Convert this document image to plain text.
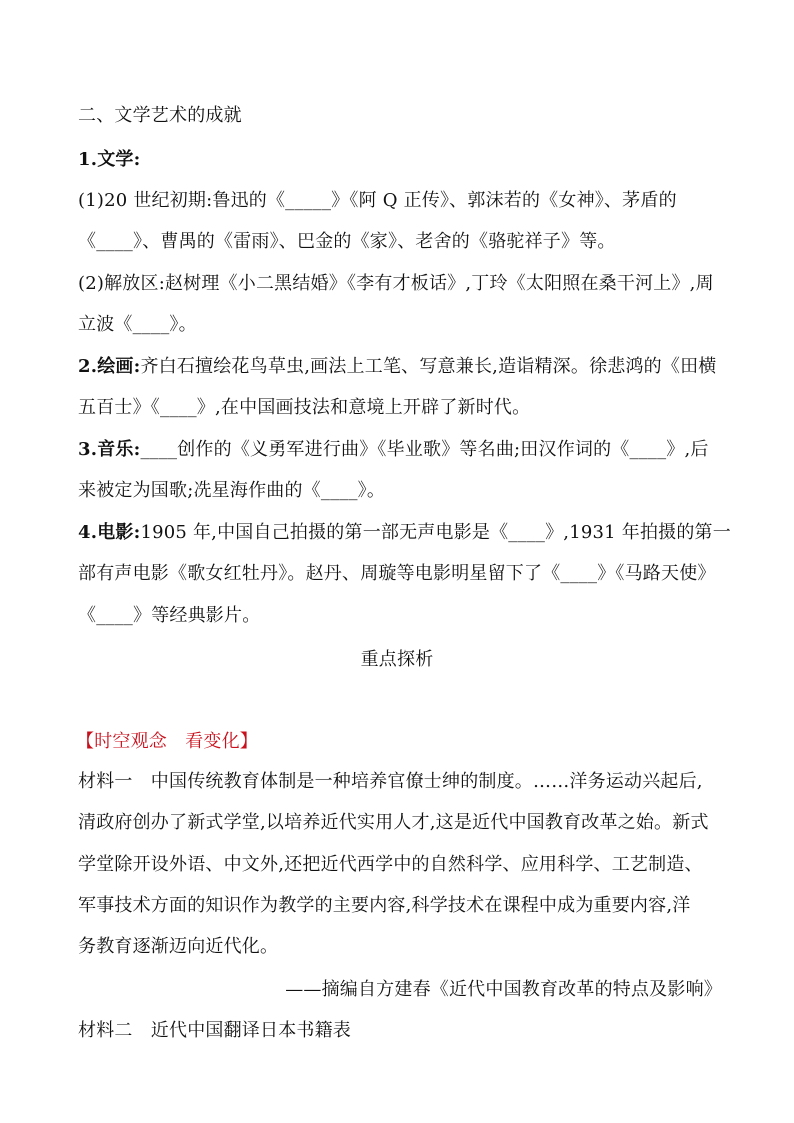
二、文学艺术的成就
1.文学:
(1)20 世纪初期:鲁迅的《_____》《阿 Q 正传》、郭沫若的《女神》、茅盾的
《____》、曹禺的《雷雨》、巴金的《家》、老舍的《骆驼祥子》等。
(2)解放区:赵树理《小二黑结婚》《李有才板话》,丁玲《太阳照在桑干河上》,周
立波《____》。
2.绘画:齐白石擅绘花鸟草虫,画法上工笔、写意兼长,造诣精深。徐悲鸿的《田横
五百士》《____》,在中国画技法和意境上开辟了新时代。
3.音乐:____创作的《义勇军进行曲》《毕业歌》等名曲;田汉作词的《____》,后
来被定为国歌;冼星海作曲的《____》。
4.电影:1905 年,中国自己拍摄的第一部无声电影是《____》,1931 年拍摄的第一
部有声电影《歌女红牡丹》。赵丹、周璇等电影明星留下了《____》《马路天使》
《____》等经典影片。
重点探析
【时空观念　看变化】
材料一　中国传统教育体制是一种培养官僚士绅的制度。……洋务运动兴起后,
清政府创办了新式学堂,以培养近代实用人才,这是近代中国教育改革之始。新式
学堂除开设外语、中文外,还把近代西学中的自然科学、应用科学、工艺制造、
军事技术方面的知识作为教学的主要内容,科学技术在课程中成为重要内容,洋
务教育逐渐迈向近代化。
——摘编自方建春《近代中国教育改革的特点及影响》
材料二　近代中国翻译日本书籍表
